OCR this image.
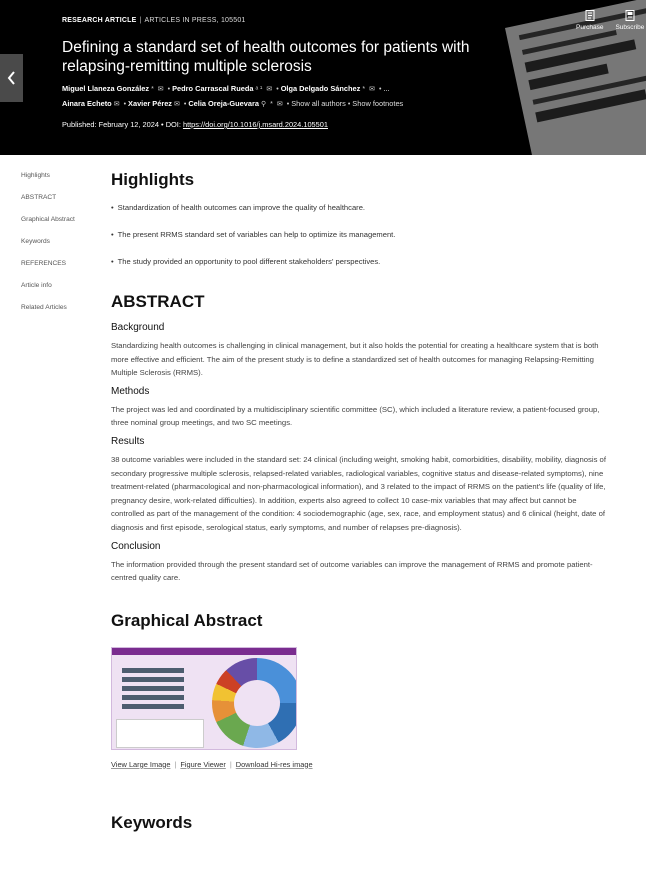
RESEARCH ARTICLE | ARTICLES IN PRESS, 105501
Defining a standard set of health outcomes for patients with relapsing-remitting multiple sclerosis
Miguel Llaneza González * ✉ • Pedro Carrascal Rueda ᵃ ¹ ✉ • Olga Delgado Sánchez * ✉ • ...
Ainara Echeto ✉ • Xavier Pérez ✉ • Celia Oreja-Guevara ⚲ * ✉ • Show all authors • Show footnotes
Published: February 12, 2024 • DOI: https://doi.org/10.1016/j.msard.2024.105501
Purchase Subscribe
Highlights
ABSTRACT
Graphical Abstract
Keywords
REFERENCES
Article info
Related Articles
Highlights
• Standardization of health outcomes can improve the quality of healthcare.
• The present RRMS standard set of variables can help to optimize its management.
• The study provided an opportunity to pool different stakeholders' perspectives.
ABSTRACT
Background

Standardizing health outcomes is challenging in clinical management, but it also holds the potential for creating a healthcare system that is both more effective and efficient. The aim of the present study is to define a standardized set of health outcomes for managing Relapsing-Remitting Multiple Sclerosis (RRMS).

Methods

The project was led and coordinated by a multidisciplinary scientific committee (SC), which included a literature review, a patient-focused group, three nominal group meetings, and two SC meetings.

Results

38 outcome variables were included in the standard set: 24 clinical (including weight, smoking habit, comorbidities, disability, mobility, diagnosis of secondary progressive multiple sclerosis, relapsed-related variables, radiological variables, cognitive status and disease-related symptoms), nine treatment-related (pharmacological and non-pharmacological information), and 3 related to the impact of RRMS on the patient's life (quality of life, pregnancy desire, work-related difficulties). In addition, experts also agreed to collect 10 case-mix variables that may affect but cannot be controlled as part of the management of the condition: 4 sociodemographic (age, sex, race, and employment status) and 6 clinical (height, date of diagnosis and first episode, serological status, early symptoms, and number of relapses pre-diagnosis).

Conclusion

The information provided through the present standard set of outcome variables can improve the management of RRMS and promote patient-centred quality care.

Graphical Abstract
View Large Image | Figure Viewer | Download Hi-res image
Keywords
